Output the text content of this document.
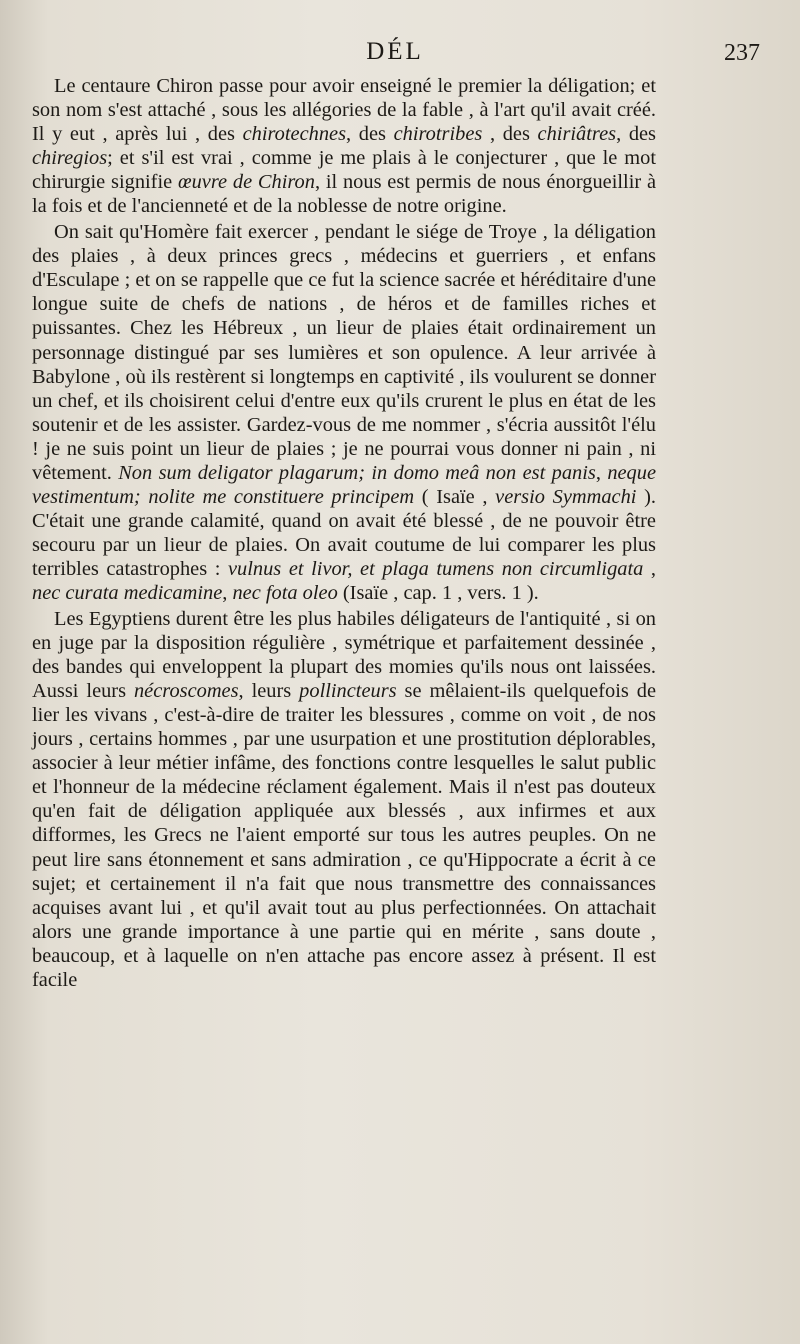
DÉL	237

Le centaure Chiron passe pour avoir enseigné le premier la déligation; et son nom s'est attaché , sous les allégories de la fable , à l'art qu'il avait créé. Il y eut , après lui , des chirotechnes, des chirotribes , des chiriâtres, des chiregios; et s'il est vrai , comme je me plais à le conjecturer , que le mot chirurgie signifie œuvre de Chiron, il nous est permis de nous énorgueillir à la fois et de l'ancienneté et de la noblesse de notre origine.

On sait qu'Homère fait exercer , pendant le siége de Troye , la déligation des plaies , à deux princes grecs , médecins et guerriers , et enfans d'Esculape ; et on se rappelle que ce fut la science sacrée et héréditaire d'une longue suite de chefs de nations , de héros et de familles riches et puissantes. Chez les Hébreux , un lieur de plaies était ordinairement un personnage distingué par ses lumières et son opulence. A leur arrivée à Babylone , où ils restèrent si longtemps en captivité , ils voulurent se donner un chef, et ils choisirent celui d'entre eux qu'ils crurent le plus en état de les soutenir et de les assister. Gardez-vous de me nommer , s'écria aussitôt l'élu ! je ne suis point un lieur de plaies ; je ne pourrai vous donner ni pain , ni vêtement. Non sum deligator plagarum; in domo meâ non est panis, neque vestimentum; nolite me constituere principem ( Isaïe , versio Symmachi ). C'était une grande calamité, quand on avait été blessé , de ne pouvoir être secouru par un lieur de plaies. On avait coutume de lui comparer les plus terribles catastrophes : vulnus et livor, et plaga tumens non circumligata , nec curata medicamine, nec fota oleo (Isaïe , cap. 1 , vers. 1 ).

Les Egyptiens durent être les plus habiles déligateurs de l'antiquité , si on en juge par la disposition régulière , symétrique et parfaitement dessinée , des bandes qui enveloppent la plupart des momies qu'ils nous ont laissées. Aussi leurs nécroscomes, leurs pollincteurs se mêlaient-ils quelquefois de lier les vivans , c'est-à-dire de traiter les blessures , comme on voit , de nos jours , certains hommes , par une usurpation et une prostitution déplorables, associer à leur métier infâme, des fonctions contre lesquelles le salut public et l'honneur de la médecine réclament également. Mais il n'est pas douteux qu'en fait de déligation appliquée aux blessés , aux infirmes et aux difformes, les Grecs ne l'aient emporté sur tous les autres peuples. On ne peut lire sans étonnement et sans admiration , ce qu'Hippocrate a écrit à ce sujet; et certainement il n'a fait que nous transmettre des connaissances acquises avant lui , et qu'il avait tout au plus perfectionnées. On attachait alors une grande importance à une partie qui en mérite , sans doute , beaucoup, et à laquelle on n'en attache pas encore assez à présent. Il est facile
